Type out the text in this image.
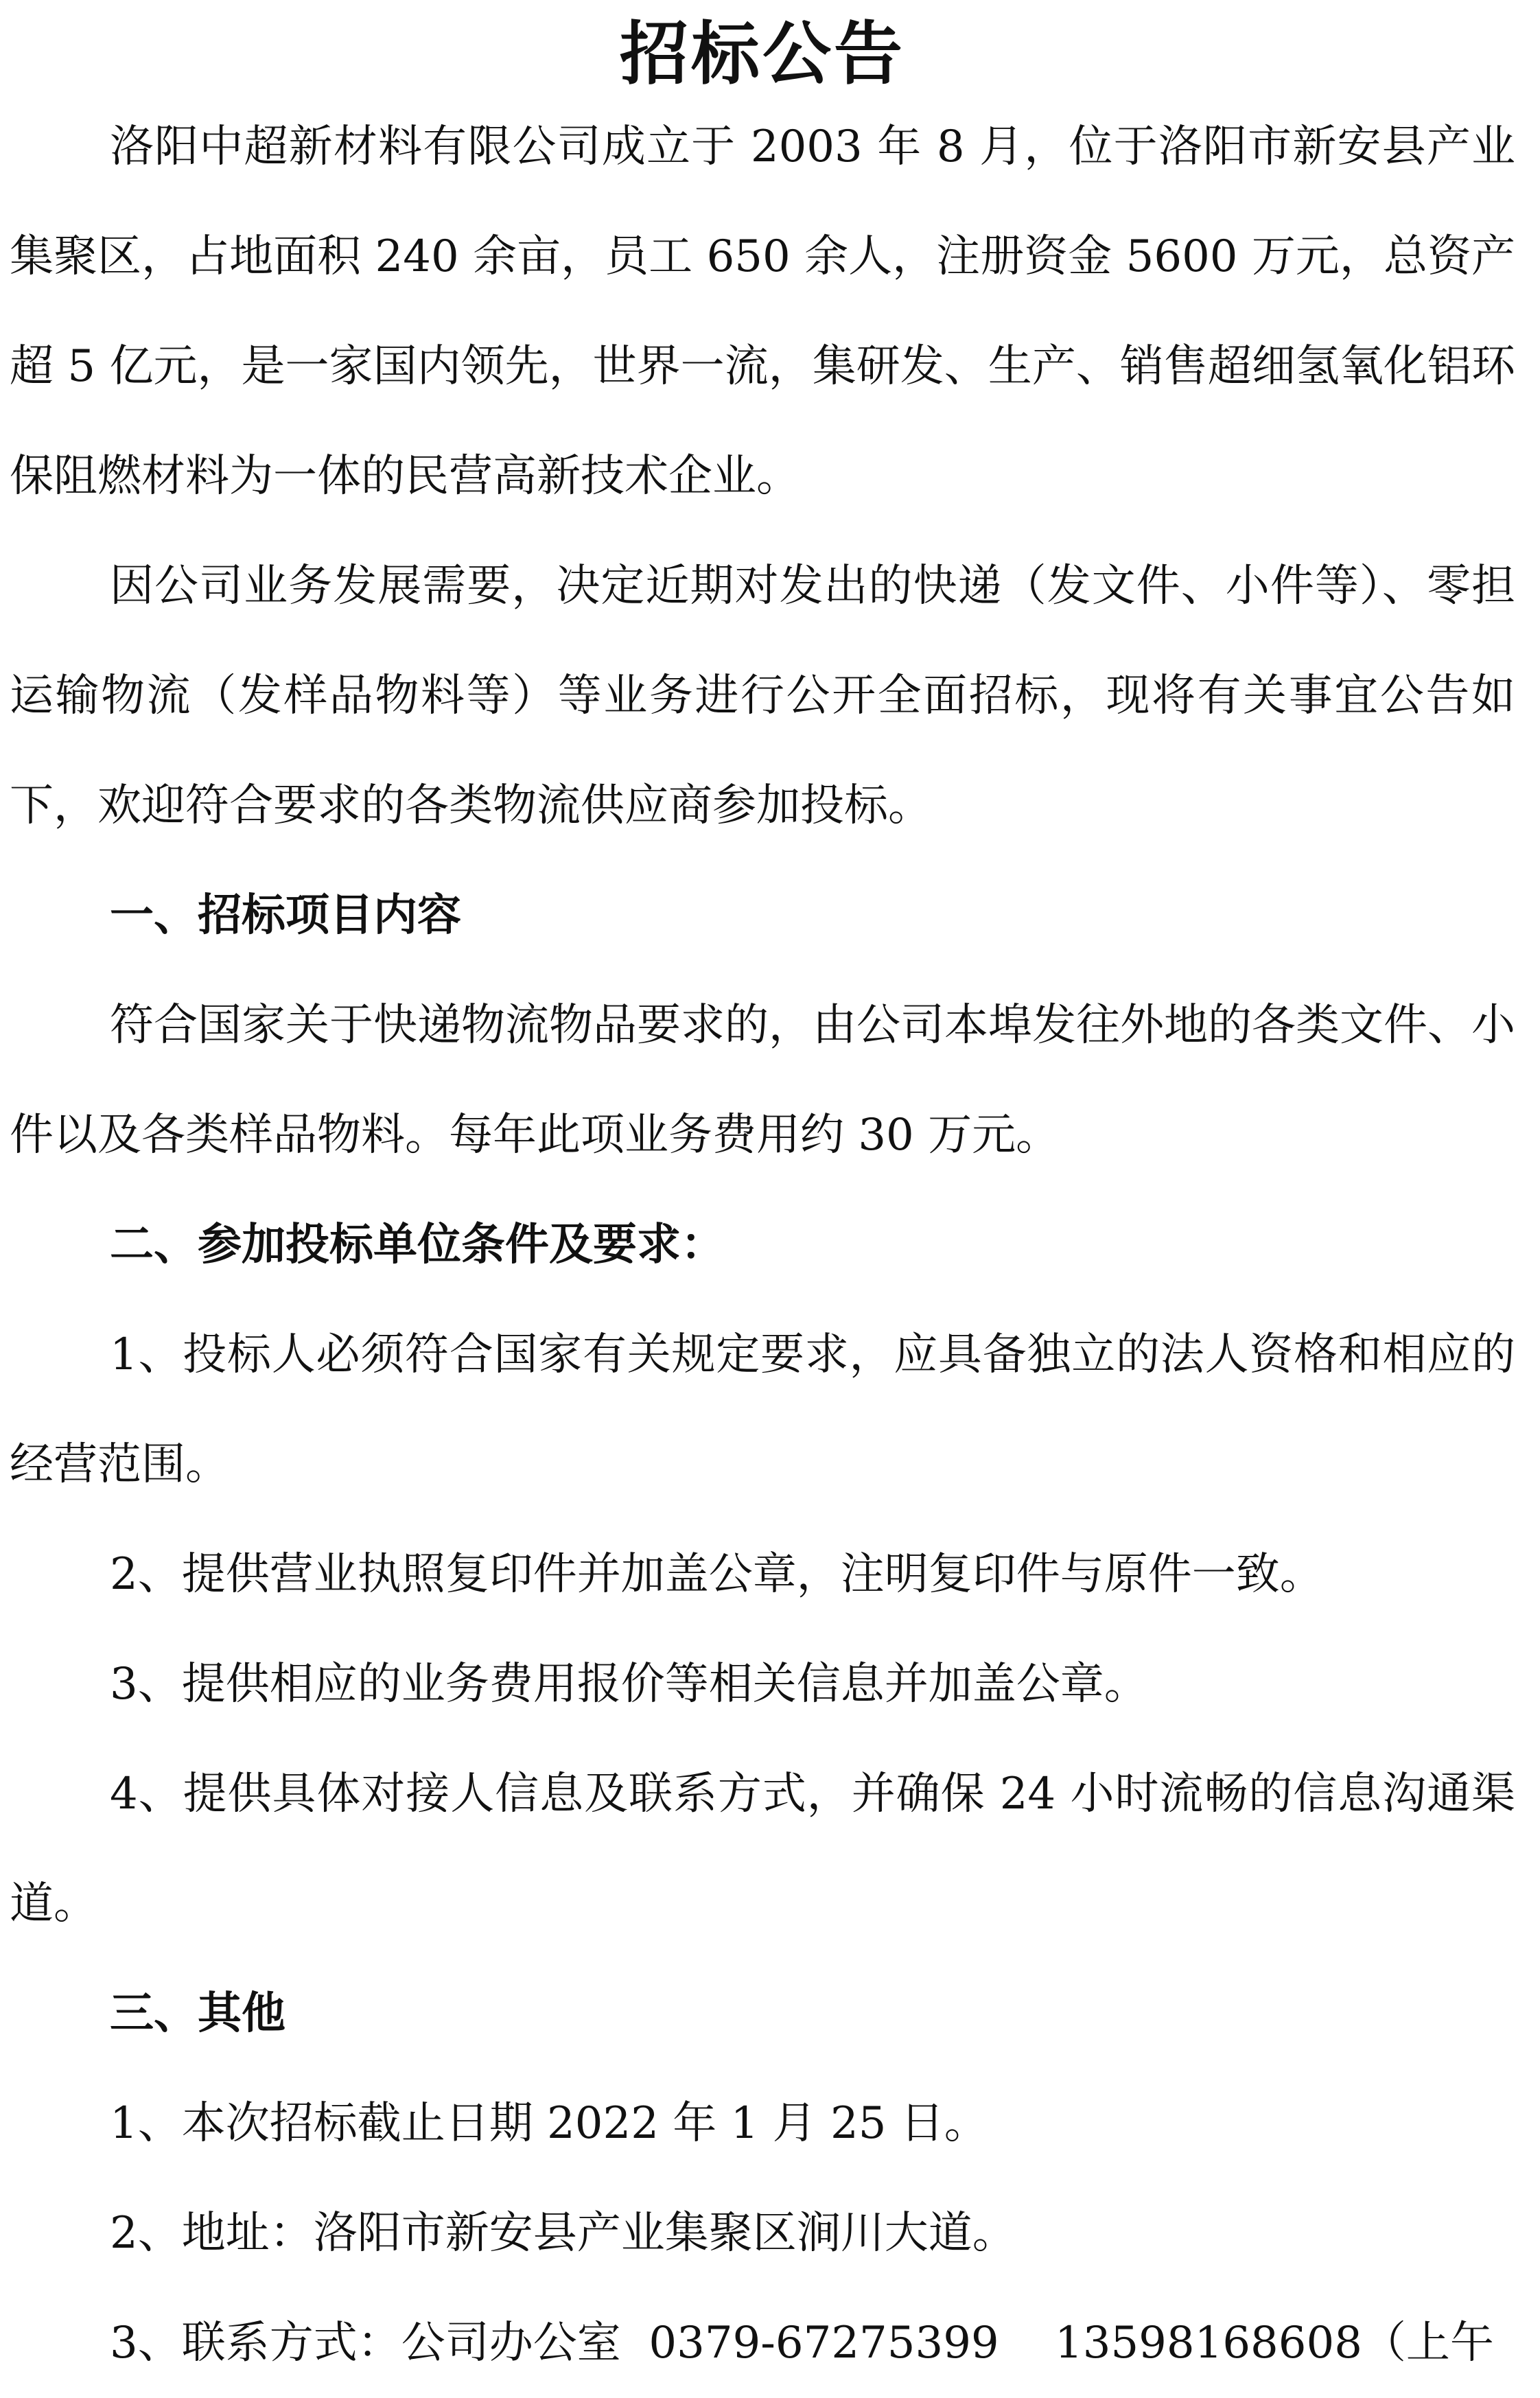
招标公告

洛阳中超新材料有限公司成立于 2003 年 8 月，位于洛阳市新安县产业集聚区，占地面积 240 余亩，员工 650 余人，注册资金 5600 万元，总资产超 5 亿元，是一家国内领先，世界一流，集研发、生产、销售超细氢氧化铝环保阻燃材料为一体的民营高新技术企业。

因公司业务发展需要，决定近期对发出的快递（发文件、小件等）、零担运输物流（发样品物料等）等业务进行公开全面招标，现将有关事宜公告如下，欢迎符合要求的各类物流供应商参加投标。

一、招标项目内容

符合国家关于快递物流物品要求的，由公司本埠发往外地的各类文件、小件以及各类样品物料。每年此项业务费用约 30 万元。

二、参加投标单位条件及要求：

1、投标人必须符合国家有关规定要求，应具备独立的法人资格和相应的经营范围。

2、提供营业执照复印件并加盖公章，注明复印件与原件一致。

3、提供相应的业务费用报价等相关信息并加盖公章。

4、提供具体对接人信息及联系方式，并确保 24 小时流畅的信息沟通渠道。

三、其他

1、本次招标截止日期 2022 年 1 月 25 日。

2、地址：洛阳市新安县产业集聚区涧川大道。

3、联系方式：公司办公室  0379-67275399    13598168608（上午
